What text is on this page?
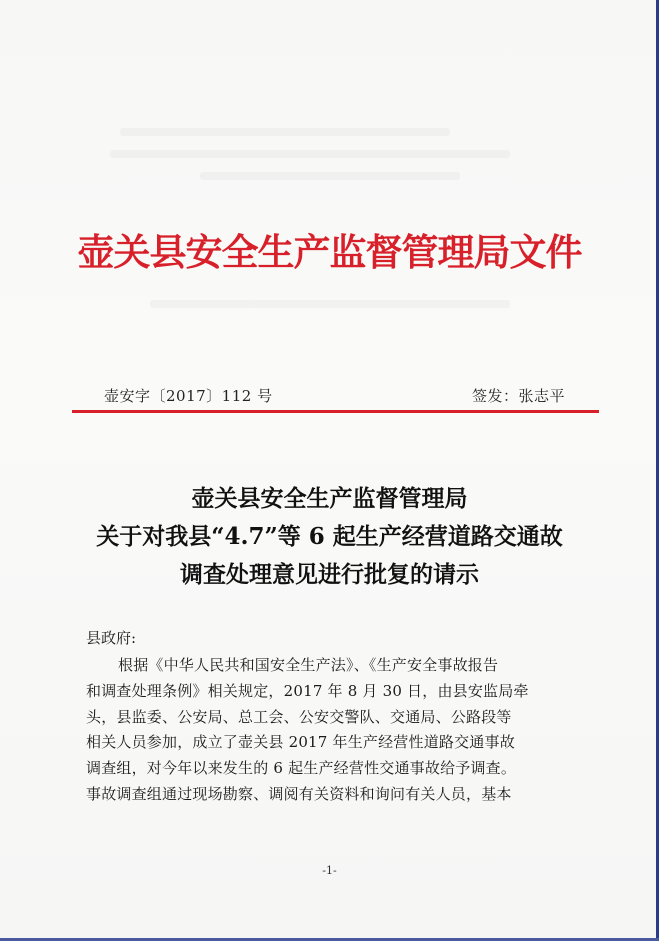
壶关县安全生产监督管理局文件
壶安字〔2017〕112 号	签发：张志平
壶关县安全生产监督管理局
关于对我县“4.7”等 6 起生产经营道路交通故
调查处理意见进行批复的请示
县政府:
根据《中华人民共和国安全生产法》、《生产安全事故报告
和调查处理条例》相关规定，2017 年 8 月 30 日，由县安监局牵
头，县监委、公安局、总工会、公安交警队、交通局、公路段等
相关人员参加，成立了壶关县 2017 年生产经营性道路交通事故
调查组，对今年以来发生的 6 起生产经营性交通事故给予调查。
事故调查组通过现场勘察、调阅有关资料和询问有关人员，基本
-1-
